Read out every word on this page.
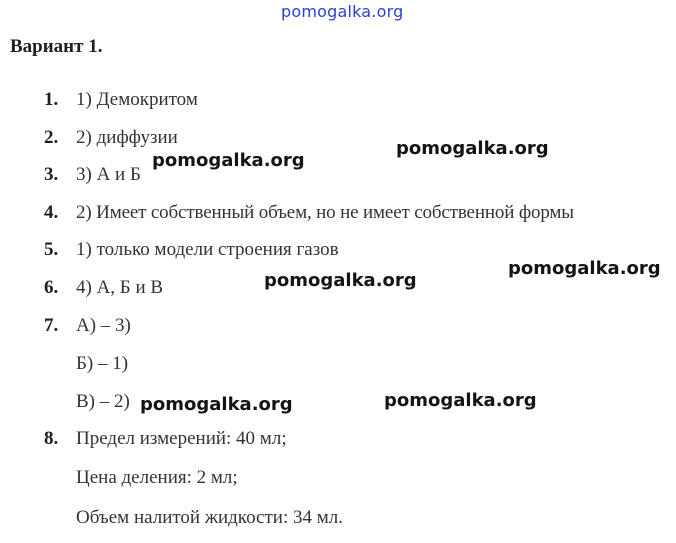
pomogalka.org
Вариант 1.
1. 1) Демокритом
2. 2) диффузии
3. 3) А и Б
4. 2) Имеет собственный объем, но не имеет собственной формы
5. 1) только модели строения газов
6. 4) А, Б и В
7. А) – 3)
Б) – 1)
В) – 2)
8. Предел измерений: 40 мл;
Цена деления: 2 мл;
Объем налитой жидкости: 34 мл.
pomogalka.org
pomogalka.org
pomogalka.org
pomogalka.org
pomogalka.org	pomogalka.org
